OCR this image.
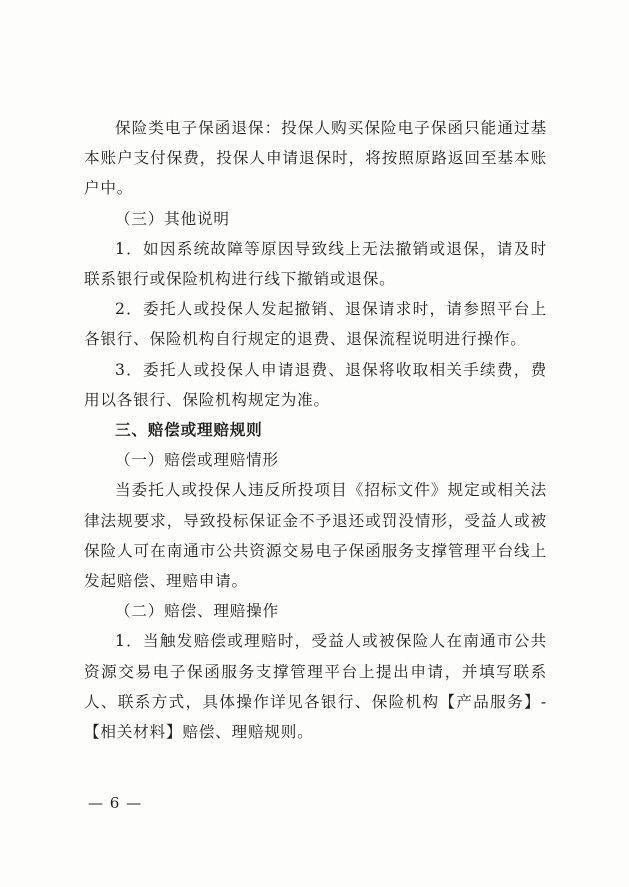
保险类电子保函退保：投保人购买保险电子保函只能通过基本账户支付保费，投保人申请退保时，将按照原路返回至基本账户中。

（三）其他说明

1．如因系统故障等原因导致线上无法撤销或退保，请及时联系银行或保险机构进行线下撤销或退保。

2．委托人或投保人发起撤销、退保请求时，请参照平台上各银行、保险机构自行规定的退费、退保流程说明进行操作。

3．委托人或投保人申请退费、退保将收取相关手续费，费用以各银行、保险机构规定为准。

三、赔偿或理赔规则

（一）赔偿或理赔情形

当委托人或投保人违反所投项目《招标文件》规定或相关法律法规要求，导致投标保证金不予退还或罚没情形，受益人或被保险人可在南通市公共资源交易电子保函服务支撑管理平台线上发起赔偿、理赔申请。

（二）赔偿、理赔操作

1．当触发赔偿或理赔时，受益人或被保险人在南通市公共资源交易电子保函服务支撑管理平台上提出申请，并填写联系人、联系方式，具体操作详见各银行、保险机构【产品服务】-【相关材料】赔偿、理赔规则。

— 6 —
